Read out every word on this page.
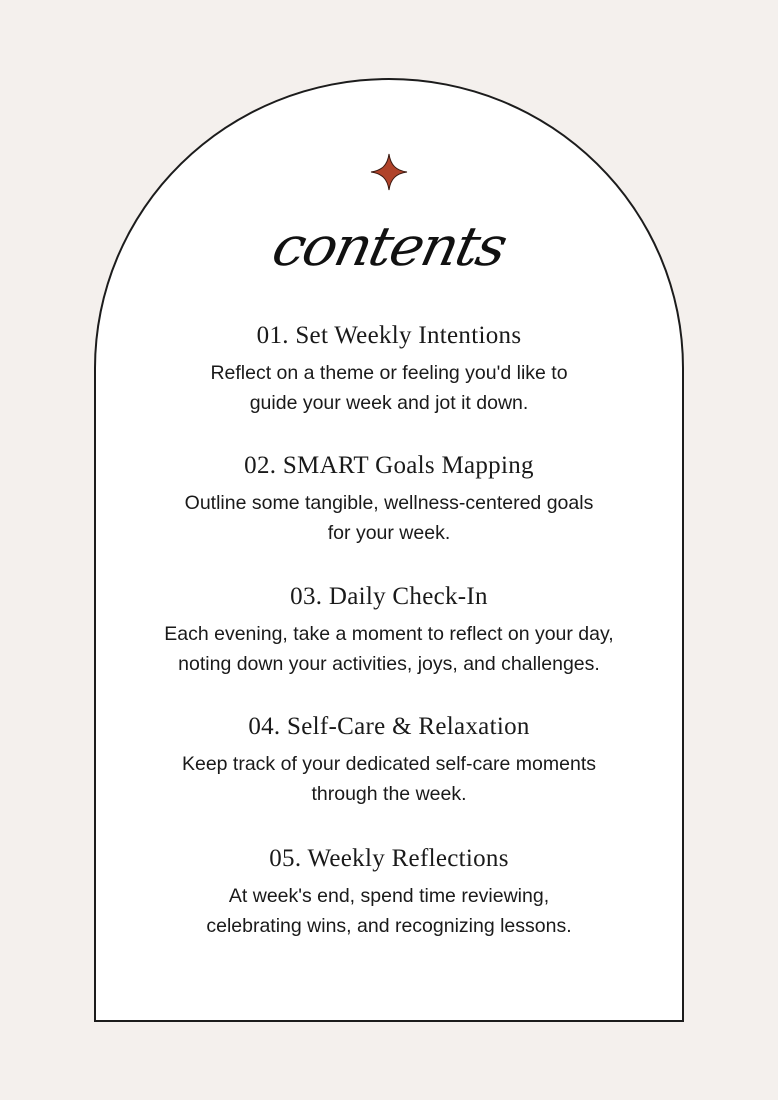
contents
01. Set Weekly Intentions
Reflect on a theme or feeling you'd like to
guide your week and jot it down.
02. SMART Goals Mapping
Outline some tangible, wellness-centered goals
for your week.
03. Daily Check-In
Each evening, take a moment to reflect on your day,
noting down your activities, joys, and challenges.
04. Self-Care & Relaxation
Keep track of your dedicated self-care moments
through the week.
05. Weekly Reflections
At week's end, spend time reviewing,
celebrating wins, and recognizing lessons.
